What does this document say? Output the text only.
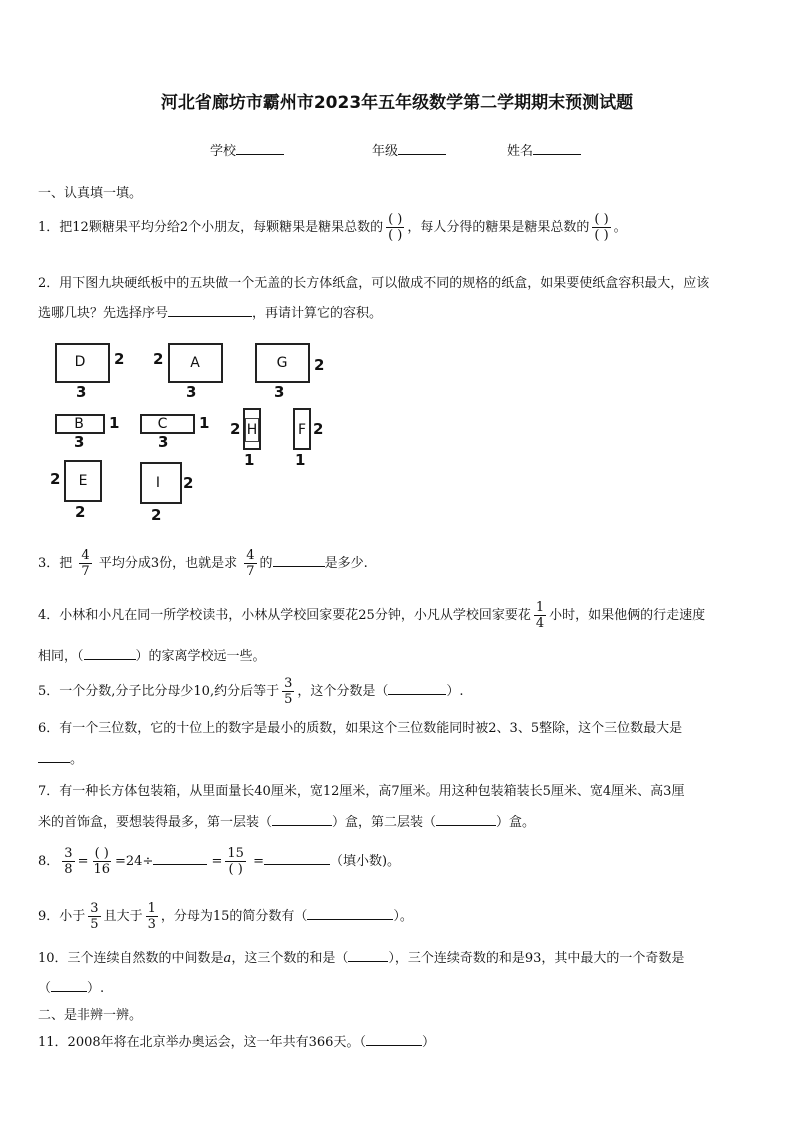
河北省廊坊市霸州市2023年五年级数学第二学期期末预测试题
学校	年级	姓名
一、认真填一填。
1．把12颗糖果平均分给2个小朋友，每颗糖果是糖果总数的 $\frac{( )}{( )}$ ，每人分得的糖果是糖果总数的 $\frac{( )}{( )}$ 。
2．用下图九块硬纸板中的五块做一个无盖的长方体纸盒，可以做成不同的规格的纸盒，如果要使纸盒容积最大，应该
选哪几块？先选择序号	，再请计算它的容积。
D	2
3
A
2
3
G	2
3
B	1
3
C	1
3
H
2
1
F 2
1
E
2
2
I	2
2
3．把 $\frac{4}{7}$ 平均分成3份，也就是求 $\frac{4}{7}$ 的	是多少.
4．小林和小凡在同一所学校读书，小林从学校回家要花25分钟，小凡从学校回家要花 $\frac{1}{4}$ 小时，如果他俩的行走速度
相同，（	）的家离学校远一些。
5．一个分数,分子比分母少10,约分后等于 $\frac{3}{5}$ ，这个分数是（	）.
6．有一个三位数，它的十位上的数字是最小的质数，如果这个三位数能同时被2、3、5整除，这个三位数最大是
。
7．有一种长方体包装箱，从里面量长40厘米，宽12厘米，高7厘米。用这种包装箱装长5厘米、宽4厘米、高3厘
米的首饰盒，要想装得最多，第一层装（	）盒，第二层装（	）盒。
8． $\frac{3}{8} = \frac{( )}{16} =24\div$	= $\frac{15}{( )}$ =	（填小数)。
9．小于 $\frac{3}{5}$ 且大于 $\frac{1}{3}$ ，分母为15的简分数有（	）。
10．三个连续自然数的中间数是a，这三个数的和是（	），三个连续奇数的和是93，其中最大的一个奇数是
（	）.
二、是非辨一辨。
11．2008年将在北京举办奥运会，这一年共有366天。（	）
